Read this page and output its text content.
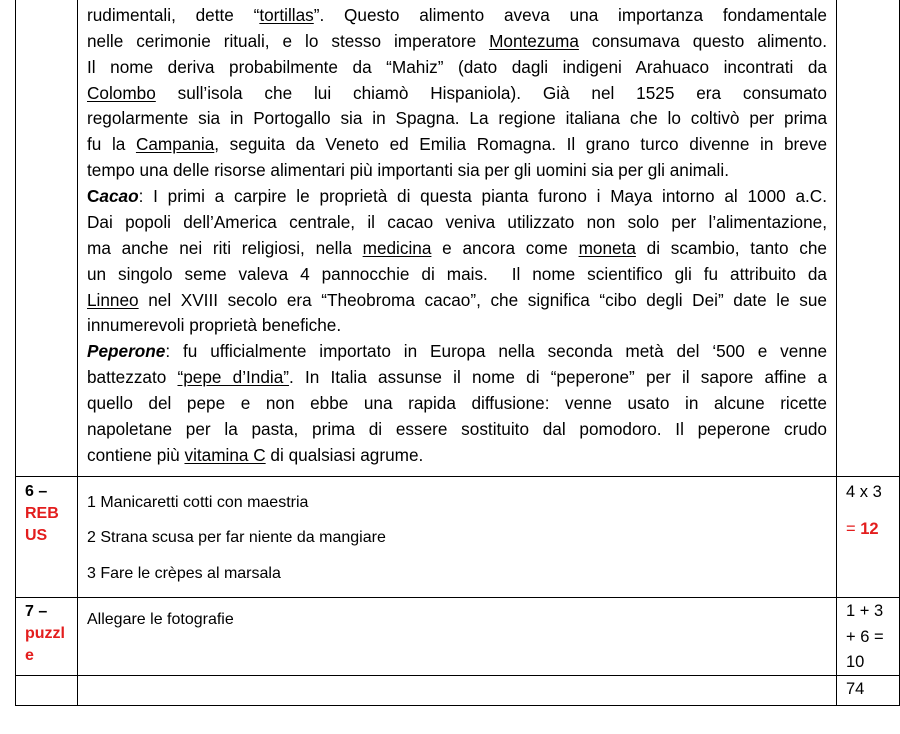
rudimentali, dette “tortillas”. Questo alimento aveva una importanza fondamentale
nelle cerimonie rituali, e lo stesso imperatore Montezuma consumava questo alimento.
Il nome deriva probabilmente da “Mahiz” (dato dagli indigeni Arahuaco incontrati da
Colombo sull’isola che lui chiamò Hispaniola). Già nel 1525 era consumato
regolarmente sia in Portogallo sia in Spagna. La regione italiana che lo coltivò per prima
fu la Campania, seguita da Veneto ed Emilia Romagna. Il grano turco divenne in breve
tempo una delle risorse alimentari più importanti sia per gli uomini sia per gli animali.
Cacao: I primi a carpire le proprietà di questa pianta furono i Maya intorno al 1000 a.C.
Dai popoli dell’America centrale, il cacao veniva utilizzato non solo per l’alimentazione,
ma anche nei riti religiosi, nella medicina e ancora come moneta di scambio, tanto che
un singolo seme valeva 4 pannocchie di mais.  Il nome scientifico gli fu attribuito da
Linneo nel XVIII secolo era “Theobroma cacao”, che significa “cibo degli Dei” date le sue
innumerevoli proprietà benefiche.
Peperone: fu ufficialmente importato in Europa nella seconda metà del ‘500 e venne
battezzato “pepe d’India”. In Italia assunse il nome di “peperone” per il sapore affine a
quello del pepe e non ebbe una rapida diffusione: venne usato in alcune ricette
napoletane per la pasta, prima di essere sostituito dal pomodoro. Il peperone crudo
contiene più vitamina C di qualsiasi agrume.
6 –
REB
US
1 Manicaretti cotti con maestria
2 Strana scusa per far niente da mangiare
3 Fare le crèpes al marsala
4 x 3
= 12
7 –
puzzl
e
Allegare le fotografie	1 + 3
+ 6 =
10
74
